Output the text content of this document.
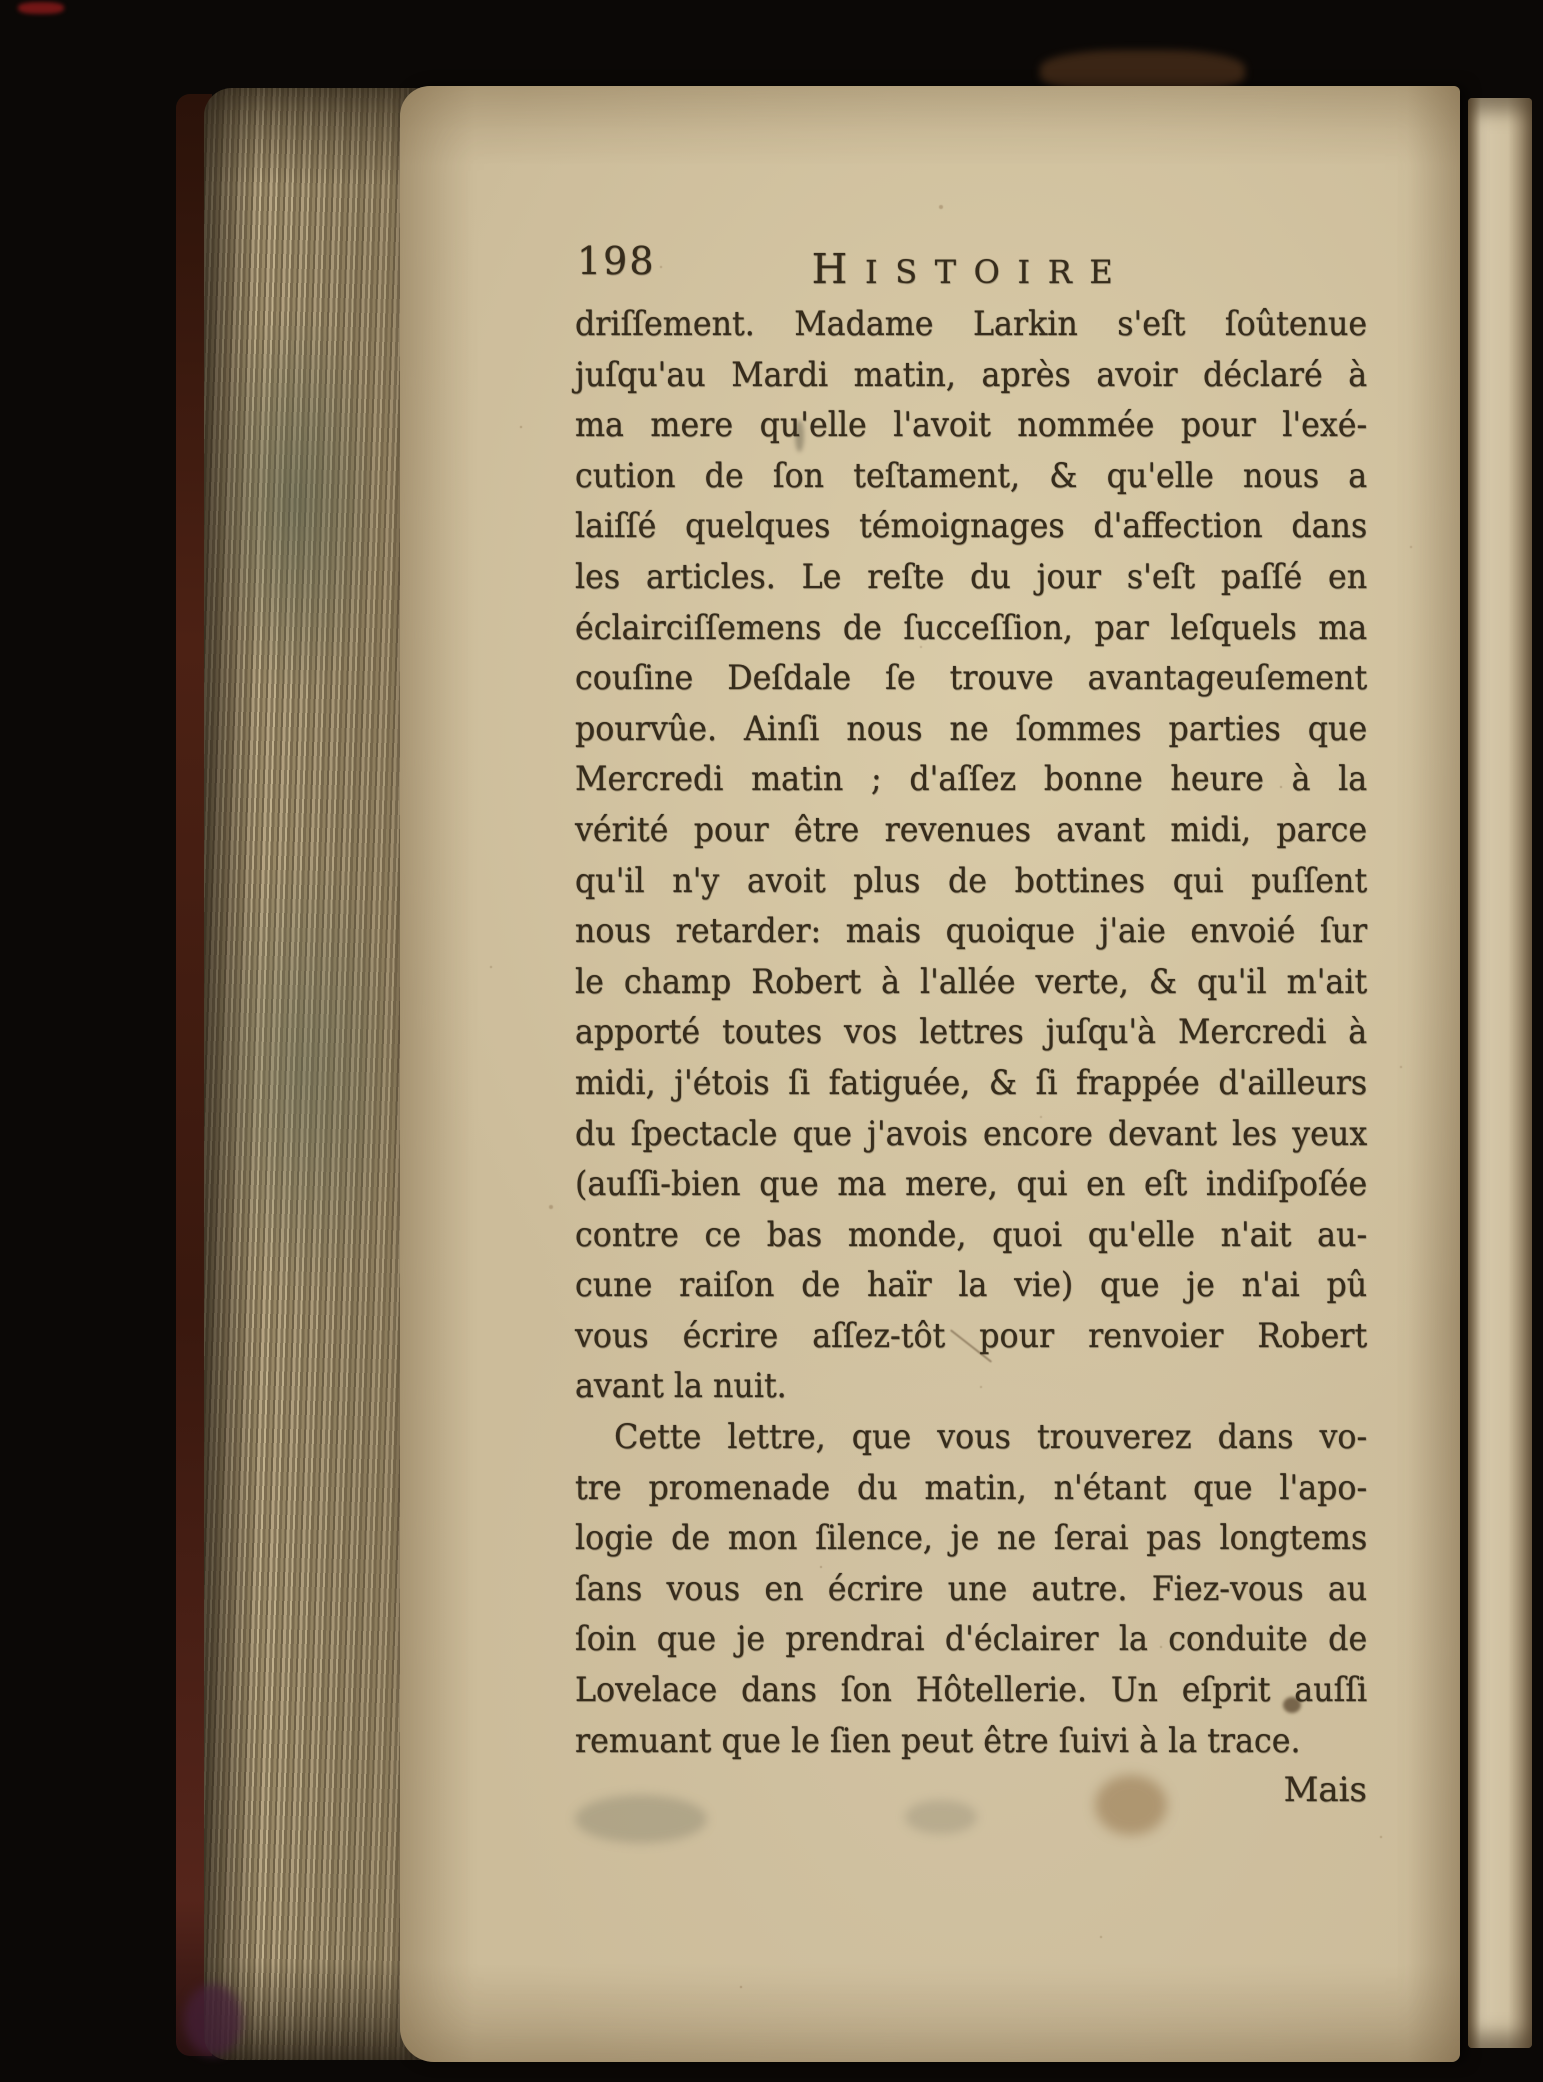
198	HISTOIRE
driſſement. Madame Larkin s'eſt ſoûtenue
juſqu'au Mardi matin, après avoir déclaré à
ma mere qu'elle l'avoit nommée pour l'exé-
cution de ſon teſtament, & qu'elle nous a
laiſſé quelques témoignages d'affection dans
les articles. Le reſte du jour s'eſt paſſé en
éclairciſſemens de ſucceſſion, par leſquels ma
couſine Deſdale ſe trouve avantageuſement
pourvûe. Ainſi nous ne ſommes parties que
Mercredi matin ; d'aſſez bonne heure à la
vérité pour être revenues avant midi, parce
qu'il n'y avoit plus de bottines qui puſſent
nous retarder: mais quoique j'aie envoié ſur
le champ Robert à l'allée verte, & qu'il m'ait
apporté toutes vos lettres juſqu'à Mercredi à
midi, j'étois ſi fatiguée, & ſi frappée d'ailleurs
du ſpectacle que j'avois encore devant les yeux
(auſſi-bien que ma mere, qui en eſt indiſpoſée
contre ce bas monde, quoi qu'elle n'ait au-
cune raiſon de haïr la vie) que je n'ai pû
vous écrire aſſez-tôt pour renvoier Robert
avant la nuit.
Cette lettre, que vous trouverez dans vo-
tre promenade du matin, n'étant que l'apo-
logie de mon ſilence, je ne ſerai pas longtems
ſans vous en écrire une autre. Fiez-vous au
ſoin que je prendrai d'éclairer la conduite de
Lovelace dans ſon Hôtellerie. Un eſprit auſſi
remuant que le ſien peut être ſuivi à la trace.
Mais
